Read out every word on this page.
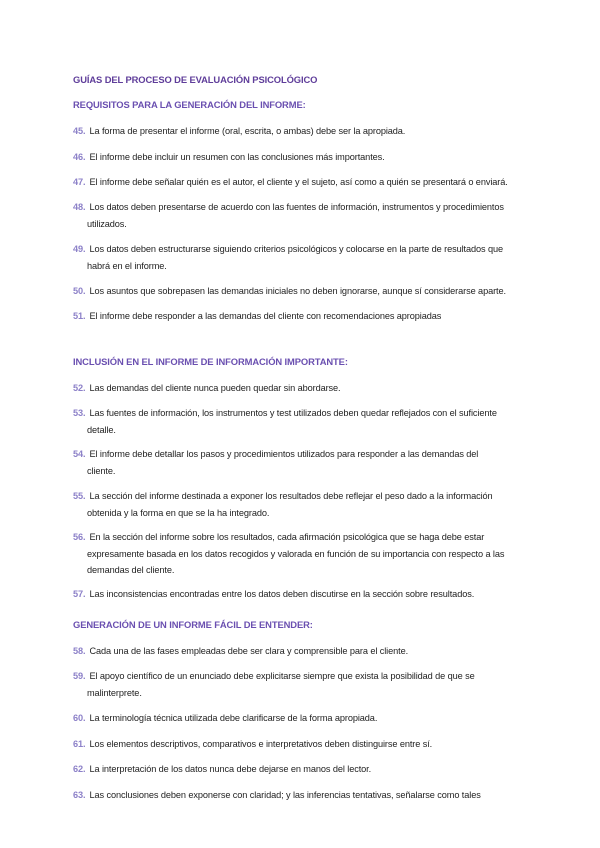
GUÍAS DEL PROCESO DE EVALUACIÓN PSICOLÓGICO
REQUISITOS PARA LA GENERACIÓN DEL INFORME:
45. La forma de presentar el informe (oral, escrita, o ambas) debe ser la apropiada.
46. El informe debe incluir un resumen con las conclusiones más importantes.
47. El informe debe señalar quién es el autor, el cliente y el sujeto, así como a quién se presentará o enviará.
48. Los datos deben presentarse de acuerdo con las fuentes de información, instrumentos y procedimientos
utilizados.
49. Los datos deben estructurarse siguiendo criterios psicológicos y colocarse en la parte de resultados que
habrá en el informe.
50. Los asuntos que sobrepasen las demandas iniciales no deben ignorarse, aunque sí considerarse aparte.
51. El informe debe responder a las demandas del cliente con recomendaciones apropiadas
INCLUSIÓN EN EL INFORME DE INFORMACIÓN IMPORTANTE:
52. Las demandas del cliente nunca pueden quedar sin abordarse.
53. Las fuentes de información, los instrumentos y test utilizados deben quedar reflejados con el suficiente
detalle.
54. El informe debe detallar los pasos y procedimientos utilizados para responder a las demandas del
cliente.
55. La sección del informe destinada a exponer los resultados debe reflejar el peso dado a la información
obtenida y la forma en que se la ha integrado.
56. En la sección del informe sobre los resultados, cada afirmación psicológica que se haga debe estar
expresamente basada en los datos recogidos y valorada en función de su importancia con respecto a las
demandas del cliente.
57. Las inconsistencias encontradas entre los datos deben discutirse en la sección sobre resultados.
GENERACIÓN DE UN INFORME FÁCIL DE ENTENDER:
58. Cada una de las fases empleadas debe ser clara y comprensible para el cliente.
59. El apoyo científico de un enunciado debe explicitarse siempre que exista la posibilidad de que se
malinterprete.
60. La terminología técnica utilizada debe clarificarse de la forma apropiada.
61. Los elementos descriptivos, comparativos e interpretativos deben distinguirse entre sí.
62. La interpretación de los datos nunca debe dejarse en manos del lector.
63. Las conclusiones deben exponerse con claridad; y las inferencias tentativas, señalarse como tales
